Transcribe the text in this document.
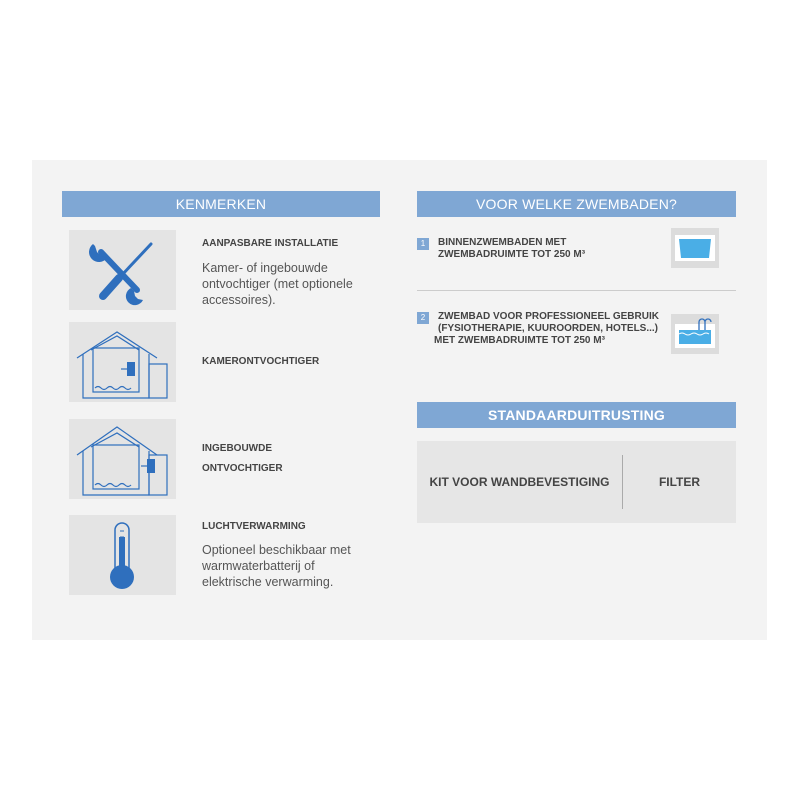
KENMERKEN
AANPASBARE INSTALLATIE
Kamer- of ingebouwde ontvochtiger (met optionele accessoires).
KAMERONTVOCHTIGER
INGEBOUWDE
ONTVOCHTIGER
LUCHTVERWARMING
Optioneel beschikbaar met warmwaterbatterij of elektrische verwarming.
VOOR WELKE ZWEMBADEN?
1	BINNENZWEMBADEN MET
ZWEMBADRUIMTE TOT 250 M³
2	ZWEMBAD VOOR PROFESSIONEEL GEBRUIK
(FYSIOTHERAPIE, KUUROORDEN, HOTELS...)
MET ZWEMBADRUIMTE TOT 250 M³
STANDAARDUITRUSTING
KIT VOOR WANDBEVESTIGING	FILTER
